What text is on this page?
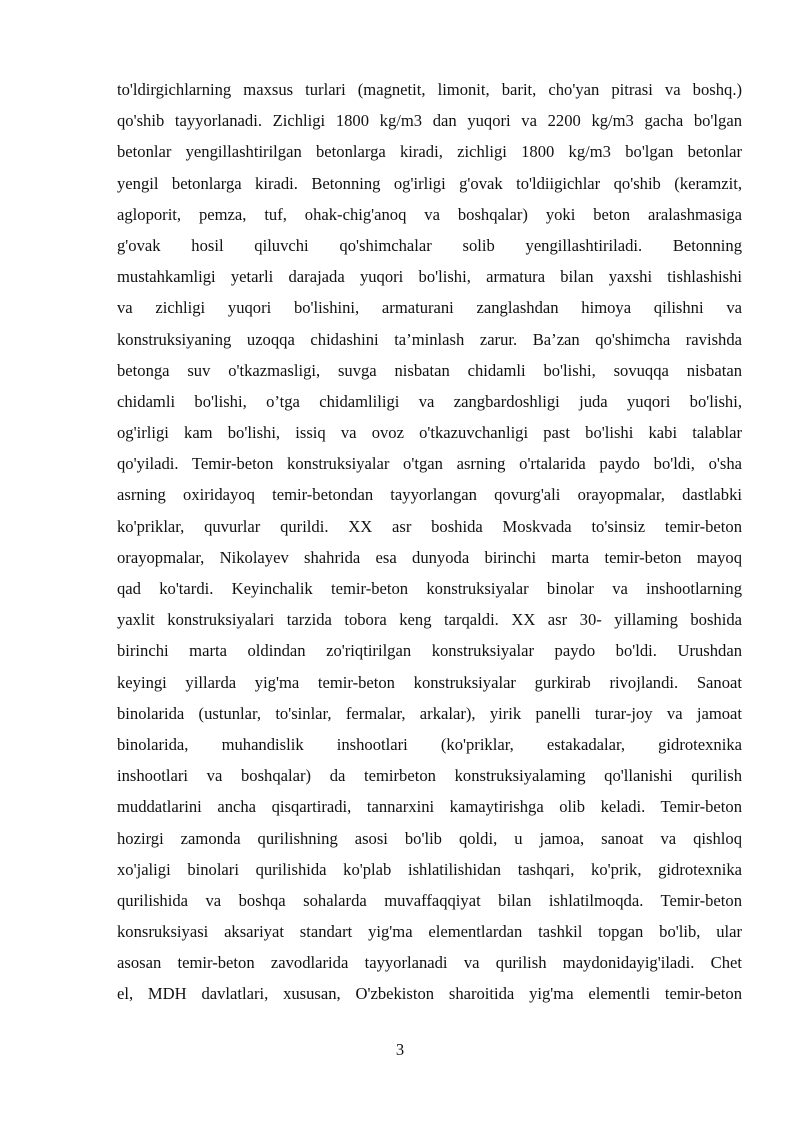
to'ldirgichlarning maxsus turlari (magnetit, limonit, barit, cho'yan pitrasi va boshq.)
qo'shib tayyorlanadi. Zichligi 1800 kg/m3 dan yuqori va 2200 kg/m3 gacha bo'lgan
betonlar yengillashtirilgan betonlarga kiradi, zichligi 1800 kg/m3 bo'lgan betonlar
yengil betonlarga kiradi. Betonning og'irligi g'ovak to'ldiigichlar qo'shib (keramzit,
agloporit, pemza, tuf, ohak-chig'anoq va boshqalar) yoki beton aralashmasiga
g'ovak hosil qiluvchi qo'shimchalar solib yengillashtiriladi. Betonning
mustahkamligi yetarli darajada yuqori bo'lishi, armatura bilan yaxshi tishlashishi
va zichligi yuqori bo'lishini, armaturani zanglashdan himoya qilishni va
konstruksiyaning uzoqqa chidashini ta’minlash zarur. Ba’zan qo'shimcha ravishda
betonga suv o'tkazmasligi, suvga nisbatan chidamli bo'lishi, sovuqqa nisbatan
chidamli bo'lishi, o’tga chidamliligi va zangbardoshligi juda yuqori bo'lishi,
og'irligi kam bo'lishi, issiq va ovoz o'tkazuvchanligi past bo'lishi kabi talablar
qo'yiladi. Temir-beton konstruksiyalar o'tgan asrning o'rtalarida paydo bo'ldi, o'sha
asrning oxiridayoq temir-betondan tayyorlangan qovurg'ali orayopmalar, dastlabki
ko'priklar, quvurlar qurildi. XX asr boshida Moskvada to'sinsiz temir-beton
orayopmalar, Nikolayev shahrida esa dunyoda birinchi marta temir-beton mayoq
qad ko'tardi. Keyinchalik temir-beton konstruksiyalar binolar va inshootlarning
yaxlit konstruksiyalari tarzida tobora keng tarqaldi. XX asr 30- yillaming boshida
birinchi marta oldindan zo'riqtirilgan konstruksiyalar paydo bo'ldi. Urushdan
keyingi yillarda yig'ma temir-beton konstruksiyalar gurkirab rivojlandi. Sanoat
binolarida (ustunlar, to'sinlar, fermalar, arkalar), yirik panelli turar-joy va jamoat
binolarida, muhandislik inshootlari (ko'priklar, estakadalar, gidrotexnika
inshootlari va boshqalar) da temirbeton konstruksiyalaming qo'llanishi qurilish
muddatlarini ancha qisqartiradi, tannarxini kamaytirishga olib keladi. Temir-beton
hozirgi zamonda qurilishning asosi bo'lib qoldi, u jamoa, sanoat va qishloq
xo'jaligi binolari qurilishida ko'plab ishlatilishidan tashqari, ko'prik, gidrotexnika
qurilishida va boshqa sohalarda muvaffaqqiyat bilan ishlatilmoqda. Temir-beton
konsruksiyasi aksariyat standart yig'ma elementlardan tashkil topgan bo'lib, ular
asosan temir-beton zavodlarida tayyorlanadi va qurilish maydonidayig'iladi. Chet
el, MDH davlatlari, xususan, O'zbekiston sharoitida yig'ma elementli temir-beton
3
